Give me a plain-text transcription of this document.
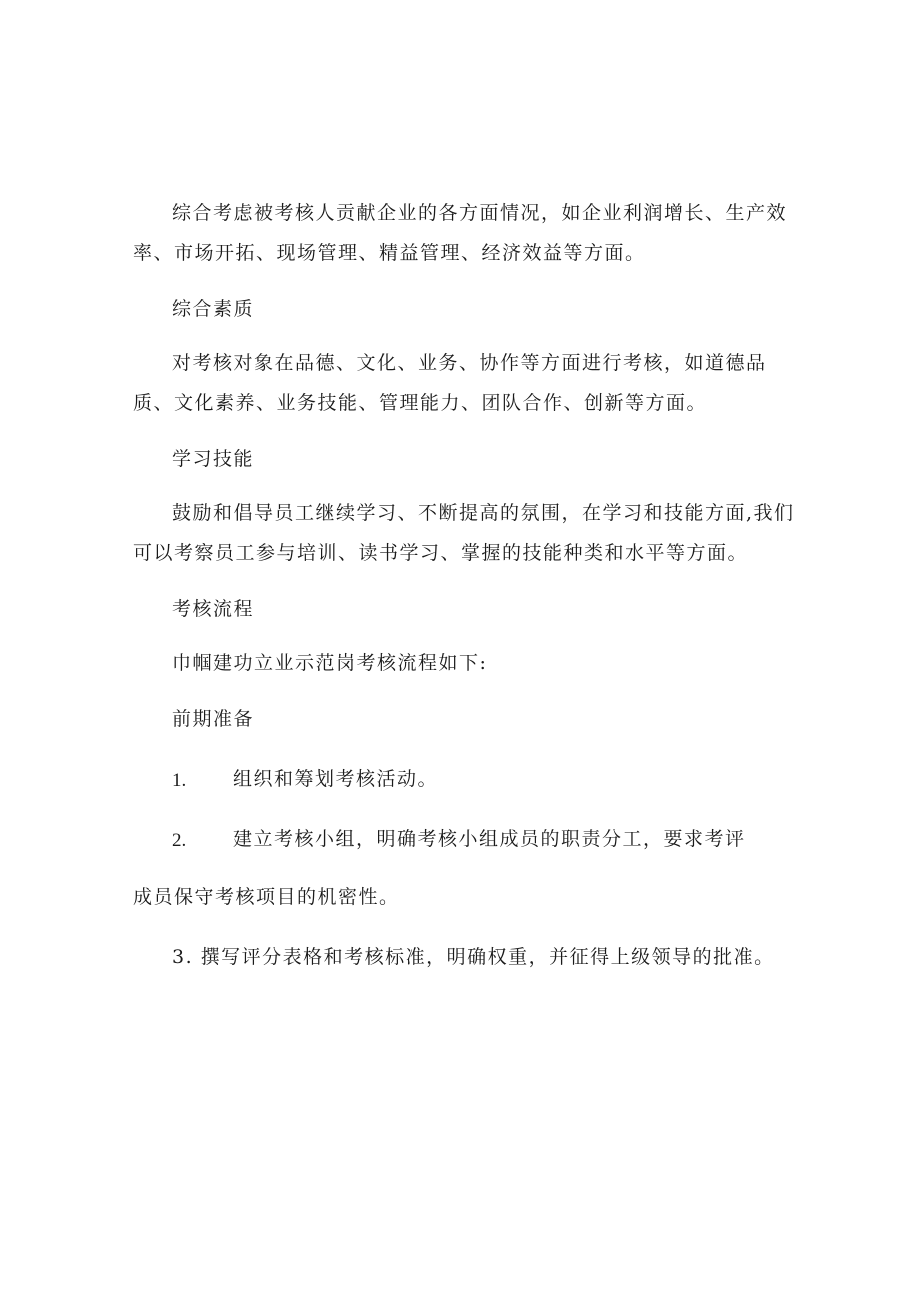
综合考虑被考核人贡献企业的各方面情况，如企业利润增长、生产效
率、市场开拓、现场管理、精益管理、经济效益等方面。
综合素质
对考核对象在品德、文化、业务、协作等方面进行考核，如道德品
质、文化素养、业务技能、管理能力、团队合作、创新等方面。
学习技能
鼓励和倡导员工继续学习、不断提高的氛围，在学习和技能方面,我们
可以考察员工参与培训、读书学习、掌握的技能种类和水平等方面。
考核流程
巾帼建功立业示范岗考核流程如下:
前期准备
1. 组织和筹划考核活动。
2. 建立考核小组，明确考核小组成员的职责分工，要求考评
成员保守考核项目的机密性。
3. 撰写评分表格和考核标准，明确权重，并征得上级领导的批准。
